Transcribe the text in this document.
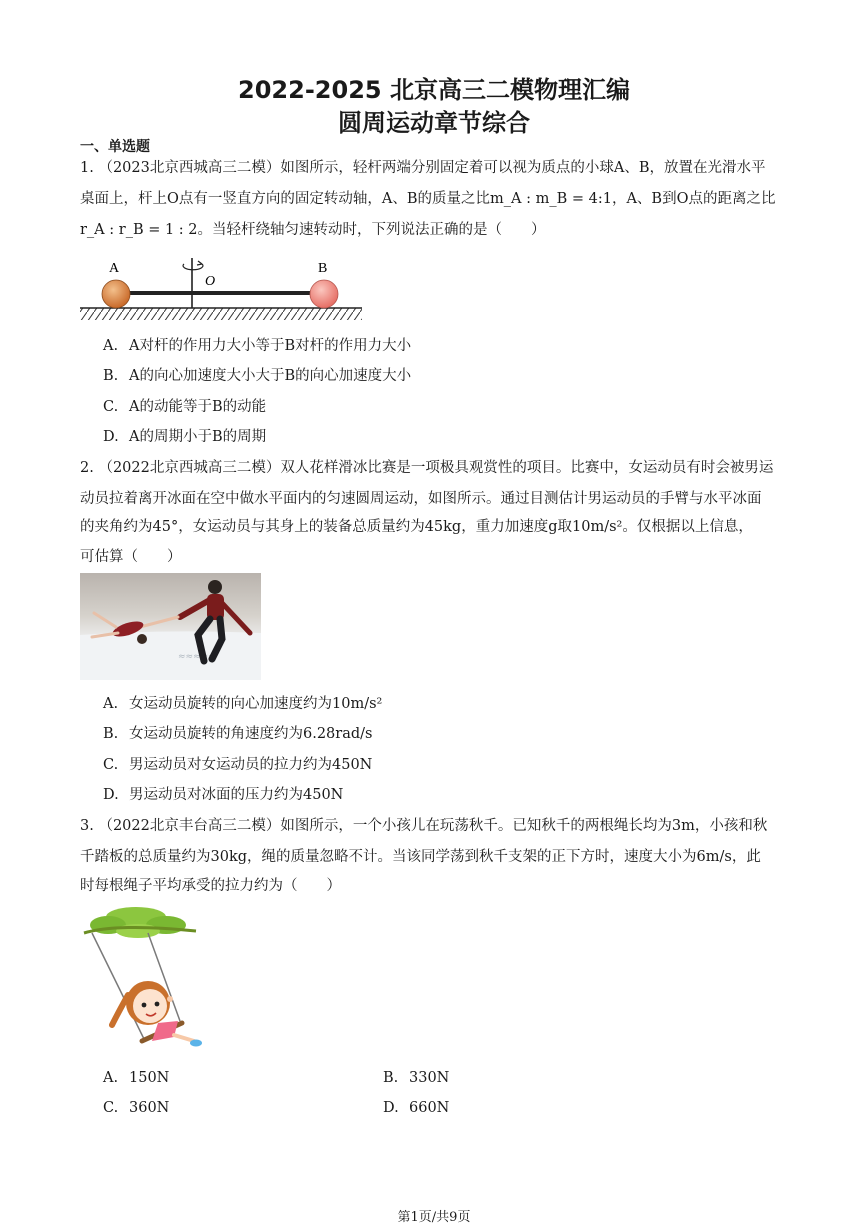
2022-2025 北京高三二模物理汇编
圆周运动章节综合
一、单选题
1. （2023北京西城高三二模）如图所示，轻杆两端分别固定着可以视为质点的小球A、B，放置在光滑水平
桌面上，杆上O点有一竖直方向的固定转动轴，A、B的质量之比m_A : m_B = 4:1，A、B到O点的距离之比
r_A : r_B = 1 : 2。当轻杆绕轴匀速转动时，下列说法正确的是（　　）
A	B
O
A. A对杆的作用力大小等于B对杆的作用力大小
B. A的向心加速度大小大于B的向心加速度大小
C. A的动能等于B的动能
D. A的周期小于B的周期
2. （2022北京西城高三二模）双人花样滑冰比赛是一项极具观赏性的项目。比赛中，女运动员有时会被男运
动员拉着离开冰面在空中做水平面内的匀速圆周运动，如图所示。通过目测估计男运动员的手臂与水平冰面
的夹角约为45°，女运动员与其身上的装备总质量约为45kg，重力加速度g取10m/s²。仅根据以上信息，
可估算（　　）
≈≈≈≈≈
A. 女运动员旋转的向心加速度约为10m/s²
B. 女运动员旋转的角速度约为6.28rad/s
C. 男运动员对女运动员的拉力约为450N
D. 男运动员对冰面的压力约为450N
3. （2022北京丰台高三二模）如图所示，一个小孩儿在玩荡秋千。已知秋千的两根绳长均为3m，小孩和秋
千踏板的总质量约为30kg，绳的质量忽略不计。当该同学荡到秋千支架的正下方时，速度大小为6m/s，此
时每根绳子平均承受的拉力约为（　　）
A. 150N	B. 330N
C. 360N	D. 660N
第1页/共9页
